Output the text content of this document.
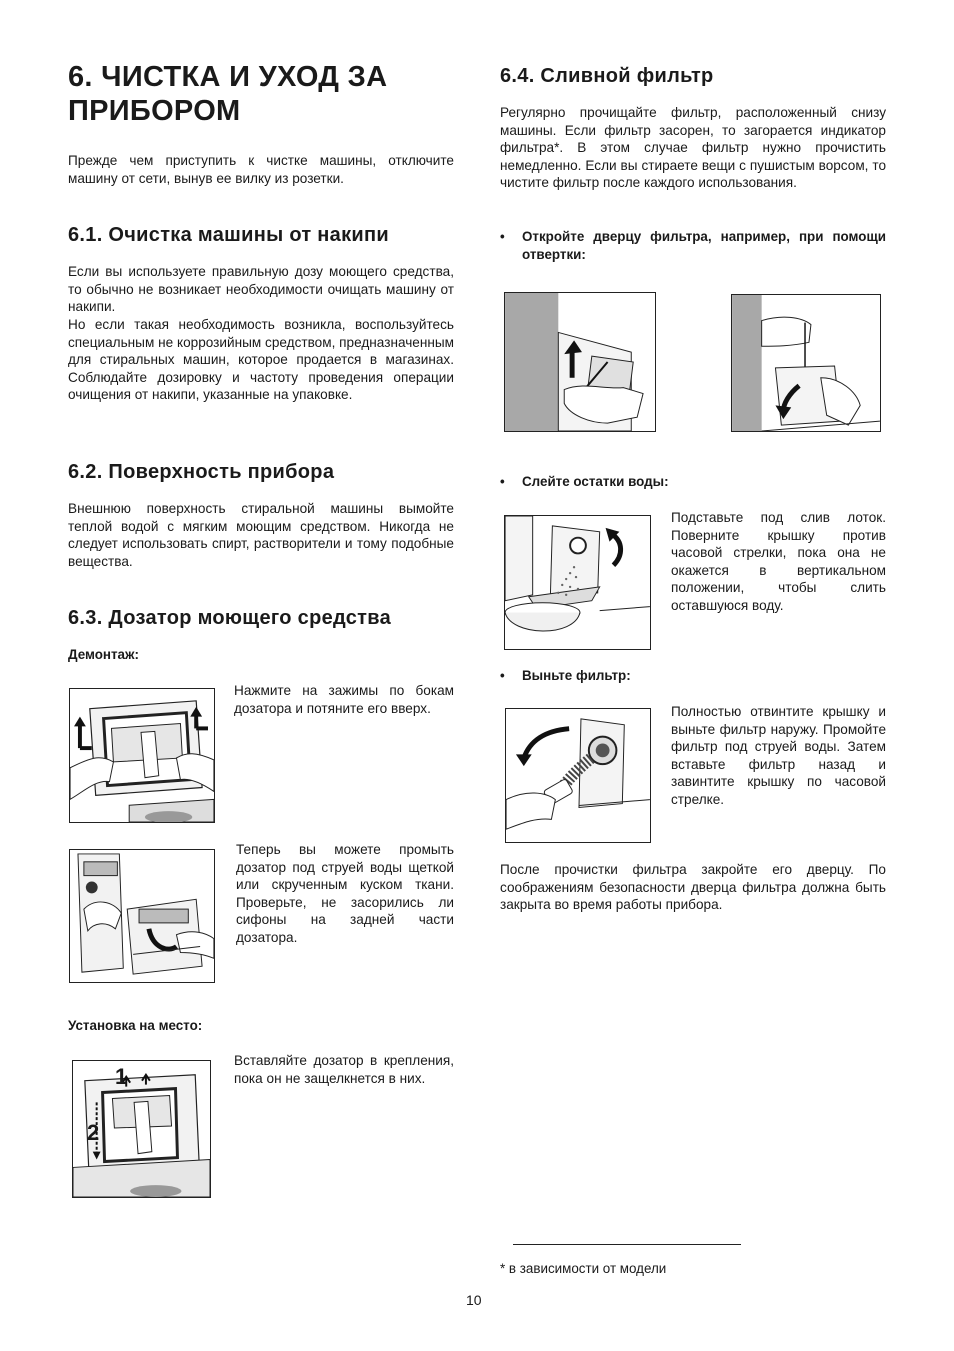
6. ЧИСТКА И УХОД ЗА ПРИБОРОМ

Прежде чем приступить к чистке машины, отключите машину от сети, вынув ее вилку из розетки.

6.1. Очистка машины от накипи

Если вы используете правильную дозу моющего средства, то обычно не возникает необходимости очищать машину от накипи.

Но если такая необходимость возникла, воспользуйтесь специальным не коррозийным средством, предназначенным для стиральных машин, которое продается в магазинах. Соблюдайте дозировку и частоту проведения операции очищения от накипи, указанные на упаковке.

6.2. Поверхность прибора

Внешнюю поверхность стиральной машины вымойте теплой водой с мягким моющим средством. Никогда не следует использовать спирт, растворители и тому подобные вещества.

6.3. Дозатор моющего средства

Демонтаж:

Нажмите на зажимы по бокам дозатора и потяните его вверх.

Теперь вы можете промыть дозатор под струей воды щеткой или скрученным куском ткани. Проверьте, не засорились ли сифоны на задней части дозатора.

Установка на место:

1
2

Вставляйте дозатор в крепления, пока он не защелкнется в них.

6.4. Сливной фильтр

Регулярно прочищайте фильтр, расположенный снизу машины. Если фильтр засорен, то загорается индикатор фильтра*. В этом случае фильтр нужно прочистить немедленно. Если вы стираете вещи с пушистым ворсом, то чистите фильтр после каждого использования.

•	Откройте дверцу фильтра, например, при помощи отвертки:
•	Слейте остатки воды:

Подставьте под слив лоток. Поверните крышку против часовой стрелки, пока она не окажется в вертикальном положении, чтобы слить оставшуюся воду.

•	Выньте фильтр:

Полностью отвинтите крышку и выньте фильтр наружу. Промойте фильтр под струей воды. Затем вставьте фильтр назад и завинтите крышку по часовой стрелке.

После прочистки фильтра закройте его дверцу. По соображениям безопасности дверца фильтра должна быть закрыта во время работы прибора.

* в зависимости от модели

10
